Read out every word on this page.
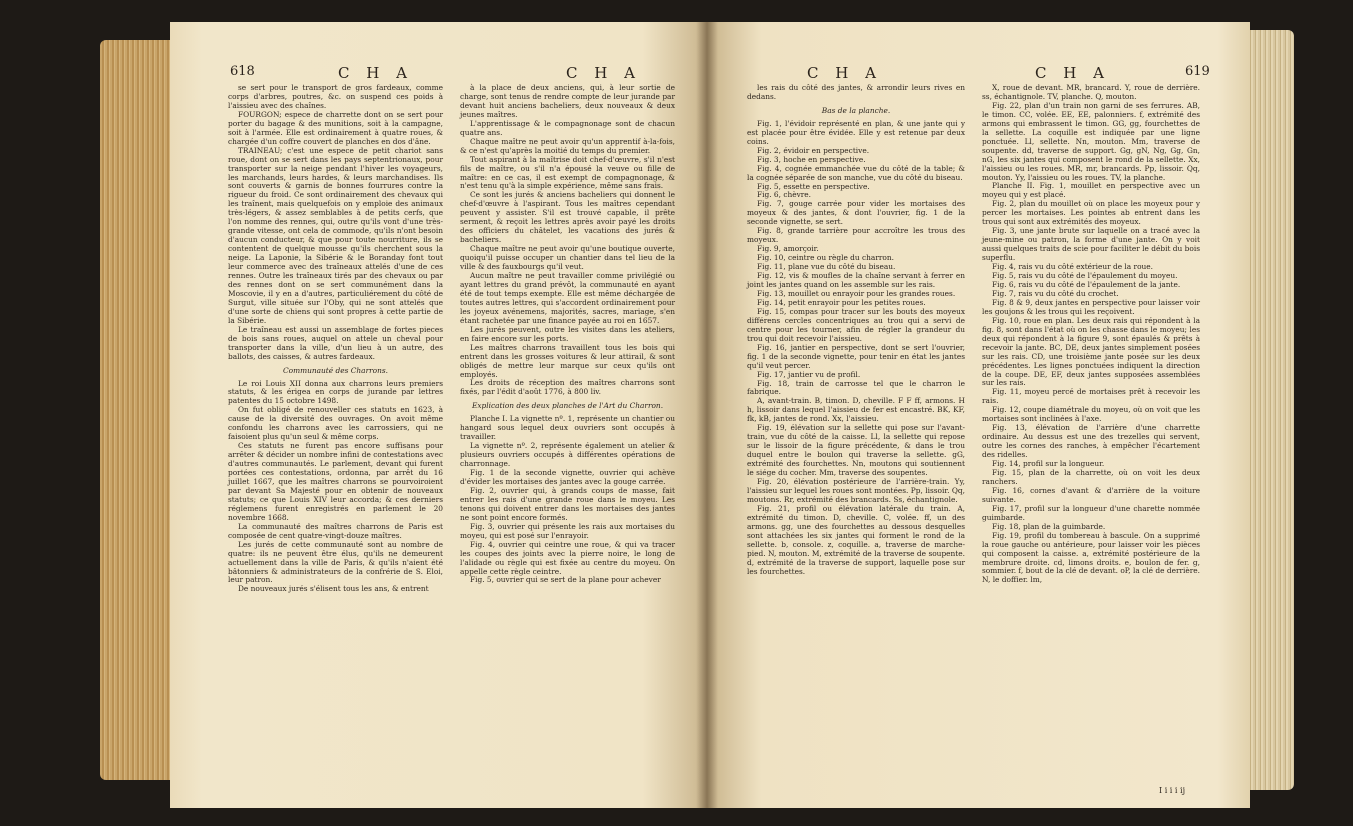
618	C H A	C H A

se sert pour le transport de gros fardeaux, comme corps d'arbres, poutres, &c. on suspend ces poids à l'aissieu avec des chaînes.

FOURGON; espece de charrette dont on se sert pour porter du bagage & des munitions, soit à la campagne, soit à l'armée. Elle est ordinairement à quatre roues, & chargée d'un coffre couvert de planches en dos d'âne.

TRAINEAU; c'est une espece de petit chariot sans roue, dont on se sert dans les pays septentrionaux, pour transporter sur la neige pendant l'hiver les voyageurs, les marchands, leurs hardes, & leurs marchandises. Ils sont couverts & garnis de bonnes fourrures contre la rigueur du froid. Ce sont ordinairement des chevaux qui les traînent, mais quelquefois on y emploie des animaux très-légers, & assez semblables à de petits cerfs, que l'on nomme des rennes, qui, outre qu'ils vont d'une très-grande vitesse, ont cela de commode, qu'ils n'ont besoin d'aucun conducteur, & que pour toute nourriture, ils se contentent de quelque mousse qu'ils cherchent sous la neige. La Laponie, la Sibérie & le Boranday font tout leur commerce avec des traîneaux attelés d'une de ces rennes. Outre les traîneaux tirés par des chevaux ou par des rennes dont on se sert communément dans la Moscovie, il y en a d'autres, particuliérement du côté de Surgut, ville située sur l'Oby, qui ne sont attelés que d'une sorte de chiens qui sont propres à cette partie de la Sibérie.

Le traîneau est aussi un assemblage de fortes pieces de bois sans roues, auquel on attele un cheval pour transporter dans la ville, d'un lieu à un autre, des ballots, des caisses, & autres fardeaux.

Communauté des Charrons.

Le roi Louis XII donna aux charrons leurs premiers statuts, & les érigea en corps de jurande par lettres patentes du 15 octobre 1498.

On fut obligé de renouveller ces statuts en 1623, à cause de la diversité des ouvrages. On avoit même confondu les charrons avec les carrossiers, qui ne faisoient plus qu'un seul & même corps.

Ces statuts ne furent pas encore suffisans pour arrêter & décider un nombre infini de contestations avec d'autres communautés. Le parlement, devant qui furent portées ces contestations, ordonna, par arrêt du 16 juillet 1667, que les maîtres charrons se pourvoiroient par devant Sa Majesté pour en obtenir de nouveaux statuts; ce que Louis XIV leur accorda; & ces derniers réglemens furent enregistrés en parlement le 20 novembre 1668.

La communauté des maîtres charrons de Paris est composée de cent quatre-vingt-douze maîtres.

Les jurés de cette communauté sont au nombre de quatre: ils ne peuvent être élus, qu'ils ne demeurent actuellement dans la ville de Paris, & qu'ils n'aient été bâtonniers & administrateurs de la confrérie de S. Eloi, leur patron.

De nouveaux jurés s'élisent tous les ans, & entrent

à la place de deux anciens, qui, à leur sortie de charge, sont tenus de rendre compte de leur jurande par devant huit anciens bacheliers, deux nouveaux & deux jeunes maîtres.

L'apprentissage & le compagnonage sont de chacun quatre ans.

Chaque maître ne peut avoir qu'un apprentif à-la-fois, & ce n'est qu'après la moitié du temps du premier.

Tout aspirant à la maîtrise doit chef-d'œuvre, s'il n'est fils de maître, ou s'il n'a épousé la veuve ou fille de maître: en ce cas, il est exempt de compagnonage, & n'est tenu qu'à la simple expérience, même sans frais.

Ce sont les jurés & anciens bacheliers qui donnent le chef-d'œuvre à l'aspirant. Tous les maîtres cependant peuvent y assister. S'il est trouvé capable, il prête serment, & reçoit les lettres après avoir payé les droits des officiers du châtelet, les vacations des jurés & bacheliers.

Chaque maître ne peut avoir qu'une boutique ouverte, quoiqu'il puisse occuper un chantier dans tel lieu de la ville & des fauxbourgs qu'il veut.

Aucun maître ne peut travailler comme privilégié ou ayant lettres du grand prévôt, la communauté en ayant été de tout temps exempte. Elle est même déchargée de toutes autres lettres, qui s'accordent ordinairement pour les joyeux avénemens, majorités, sacres, mariage, s'en étant rachetée par une finance payée au roi en 1657.

Les jurés peuvent, outre les visites dans les ateliers, en faire encore sur les ports.

Les maîtres charrons travaillent tous les bois qui entrent dans les grosses voitures & leur attirail, & sont obligés de mettre leur marque sur ceux qu'ils ont employés.

Les droits de réception des maîtres charrons sont fixés, par l'édit d'août 1776, à 800 liv.

Explication des deux planches de l'Art du Charron.

Planche I. La vignette nº. 1, représente un chantier ou hangard sous lequel deux ouvriers sont occupés à travailler.

La vignette nº. 2, représente également un atelier & plusieurs ouvriers occupés à différentes opérations de charronnage.

Fig. 1 de la seconde vignette, ouvrier qui achève d'évider les mortaises des jantes avec la gouge carrée.

Fig. 2, ouvrier qui, à grands coups de masse, fait entrer les rais d'une grande roue dans le moyeu. Les tenons qui doivent entrer dans les mortaises des jantes ne sont point encore formés.

Fig. 3, ouvrier qui présente les rais aux mortaises du moyeu, qui est posé sur l'enrayoir.

Fig. 4, ouvrier qui ceintre une roue, & qui va tracer les coupes des joints avec la pierre noire, le long de l'alidade ou règle qui est fixée au centre du moyeu. On appelle cette règle ceintre.

Fig. 5, ouvrier qui se sert de la plane pour achever

C H A	C H A	619

les rais du côté des jantes, & arrondir leurs rives en dedans.

Bas de la planche.

Fig. 1, l'évidoir représenté en plan, & une jante qui y est placée pour être évidée. Elle y est retenue par deux coins.

Fig. 2, évidoir en perspective.

Fig. 3, hoche en perspective.

Fig. 4, cognée emmanchée vue du côté de la table; & la cognée séparée de son manche, vue du côté du biseau.

Fig. 5, essette en perspective.

Fig. 6, chèvre.

Fig. 7, gouge carrée pour vider les mortaises des moyeux & des jantes, & dont l'ouvrier, fig. 1 de la seconde vignette, se sert.

Fig. 8, grande tarrière pour accroître les trous des moyeux.

Fig. 9, amorçoir.

Fig. 10, ceintre ou règle du charron.

Fig. 11, plane vue du côté du biseau.

Fig. 12, vis & moufles de la chaîne servant à ferrer en joint les jantes quand on les assemble sur les rais.

Fig. 13, mouillet ou enrayoir pour les grandes roues.

Fig. 14, petit enrayoir pour les petites roues.

Fig. 15, compas pour tracer sur les bouts des moyeux différens cercles concentriques au trou qui a servi de centre pour les tourner, afin de régler la grandeur du trou qui doit recevoir l'aissieu.

Fig. 16, jantier en perspective, dont se sert l'ouvrier, fig. 1 de la seconde vignette, pour tenir en état les jantes qu'il veut percer.

Fig. 17, jantier vu de profil.

Fig. 18, train de carrosse tel que le charron le fabrique.

A, avant-train. B, timon. D, cheville. F F ff, armons. H h, lissoir dans lequel l'aissieu de fer est encastré. BK, KF, fk, kB, jantes de rond. Xx, l'aissieu.

Fig. 19, élévation sur la sellette qui pose sur l'avant-train, vue du côté de la caisse. Ll, la sellette qui repose sur le lissoir de la figure précédente, & dans le trou duquel entre le boulon qui traverse la sellette. gG, extrémité des fourchettes. Nn, moutons qui soutiennent le siége du cocher. Mm, traverse des soupentes.

Fig. 20, élévation postérieure de l'arrière-train. Yy, l'aissieu sur lequel les roues sont montées. Pp, lissoir. Qq, moutons. Rr, extrémité des brancards. Ss, échantignole.

Fig. 21, profil ou élévation latérale du train. A, extrémité du timon. D, cheville. C, volée. ff, un des armons. gg, une des fourchettes au dessous desquelles sont attachées les six jantes qui forment le rond de la sellette. b, console. z, coquille. a, traverse de marche-pied. N, mouton. M, extrémité de la traverse de soupente. d, extrémité de la traverse de support, laquelle pose sur les fourchettes.

X, roue de devant. MR, brancard. Y, roue de derrière. ss, échantignole. TV, planche. Q, mouton.

Fig. 22, plan d'un train non garni de ses ferrures. AB, le timon. CC, volée. EE, EE, palonniers. f, extrémité des armons qui embrassent le timon. GG, gg, fourchettes de la sellette. La coquille est indiquée par une ligne ponctuée. Ll, sellette. Nn, mouton. Mm, traverse de soupente. dd, traverse de support. Gg, gN, Ng, Gg, Gn, nG, les six jantes qui composent le rond de la sellette. Xx, l'aissieu ou les roues. MR, mr, brancards. Pp, lissoir. Qq, mouton. Yy, l'aissieu ou les roues. TV, la planche.

Planche II. Fig. 1, mouillet en perspective avec un moyeu qui y est placé.

Fig. 2, plan du mouillet où on place les moyeux pour y percer les mortaises. Les pointes ab entrent dans les trous qui sont aux extrémités des moyeux.

Fig. 3, une jante brute sur laquelle on a tracé avec la jeune-mine ou patron, la forme d'une jante. On y voit aussi quelques traits de scie pour faciliter le débit du bois superflu.

Fig. 4, rais vu du côté extérieur de la roue.

Fig. 5, rais vu du côté de l'épaulement du moyeu.

Fig. 6, rais vu du côté de l'épaulement de la jante.

Fig. 7, rais vu du côté du crochet.

Fig. 8 & 9, deux jantes en perspective pour laisser voir les goujons & les trous qui les reçoivent.

Fig. 10, roue en plan. Les deux rais qui répondent à la fig. 8, sont dans l'état où on les chasse dans le moyeu; les deux qui répondent à la figure 9, sont épaulés & prêts à recevoir la jante. BC, DE, deux jantes simplement posées sur les rais. CD, une troisième jante posée sur les deux précédentes. Les lignes ponctuées indiquent la direction de la coupe. DE, EF, deux jantes supposées assemblées sur les rais.

Fig. 11, moyeu percé de mortaises prêt à recevoir les rais.

Fig. 12, coupe diamétrale du moyeu, où on voit que les mortaises sont inclinées à l'axe.

Fig. 13, élévation de l'arrière d'une charrette ordinaire. Au dessus est une des trezelles qui servent, outre les cornes des ranches, à empêcher l'écartement des ridelles.

Fig. 14, profil sur la longueur.

Fig. 15, plan de la charrette, où on voit les deux ranchers.

Fig. 16, cornes d'avant & d'arrière de la voiture suivante.

Fig. 17, profil sur la longueur d'une charette nommée guimbarde.

Fig. 18, plan de la guimbarde.

Fig. 19, profil du tombereau à bascule. On a supprimé la roue gauche ou antérieure, pour laisser voir les pièces qui composent la caisse. a, extrémité postérieure de la membrure droite. cd, limons droits. e, boulon de fer. g, sommier. f, bout de la clé de devant. oP, la clé de derrière. N, le doffier. lm,

I i i i ij
